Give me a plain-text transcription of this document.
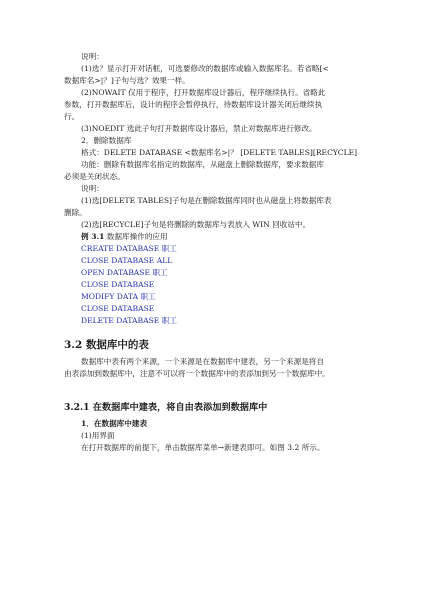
说明：
(1)选？显示打开对话框，可选要修改的数据库或输入数据库名。若省略[<
数据库名>|？]子句与选？效果一样。
(2)NOWAIT 仅用于程序，打开数据库设计器后，程序继续执行。省略此
参数，打开数据库后，设计的程序会暂停执行，待数据库设计器关闭后继续执
行。
(3)NOEDIT 选此子句打开数据库设计器后，禁止对数据库进行修改。
2．删除数据库
格式：DELETE DATABASE <数据库名>|？ [DELETE TABLES][RECYCLE]
功能：删除有数据库名指定的数据库，从磁盘上删除数据库，要求数据库
必须是关闭状态。
说明：
(1)选[DELETE TABLES]子句是在删除数据库同时也从磁盘上将数据库表
删除。
(2)选[RECYCLE]子句是将删除的数据库与表放入 WIN 回收站中。
例 3.1 数据库操作的应用
CREATE DATABASE 职工
CLOSE DATABASE ALL
OPEN DATABASE 职工
CLOSE DATABASE
MODIFY DATA 职工
CLOSE DATABASE
DELETE DATABASE 职工
3.2 数据库中的表
数据库中表有两个来源，一个来源是在数据库中建表，另一个来源是将自
由表添加到数据库中，注意不可以将一个数据库中的表添加到另一个数据库中。
3.2.1 在数据库中建表，将自由表添加到数据库中
1．在数据库中建表
(1)用界面
在打开数据库的前提下，单击数据库菜单→新建表即可。如图 3.2 所示。
